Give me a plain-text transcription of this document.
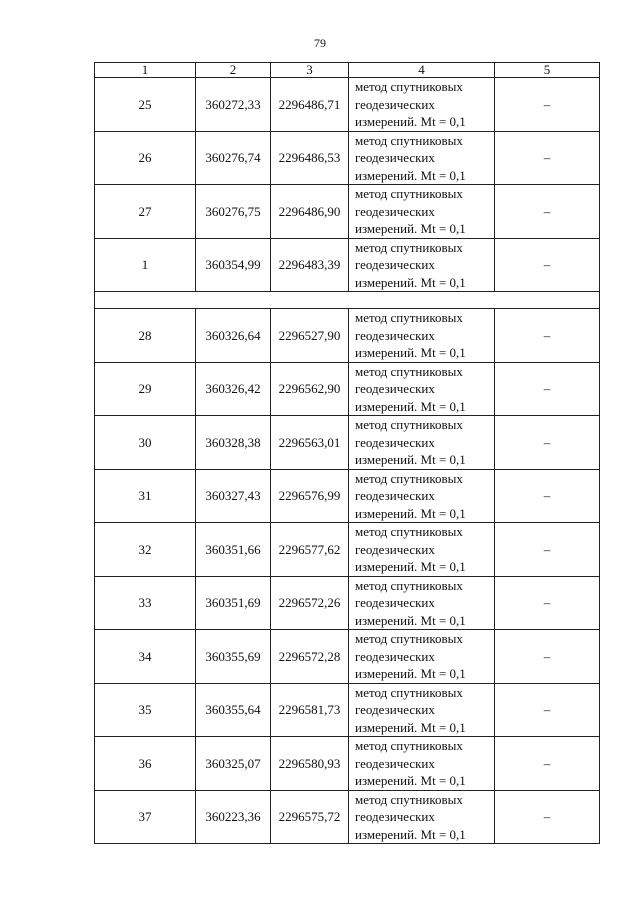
79
1	2	3	4	5
25	360272,33	2296486,71	метод спутниковых
геодезических
измерений. Mt = 0,1	–
26	360276,74	2296486,53	метод спутниковых
геодезических
измерений. Mt = 0,1	–
27	360276,75	2296486,90	метод спутниковых
геодезических
измерений. Mt = 0,1	–
1	360354,99	2296483,39	метод спутниковых
геодезических
измерений. Mt = 0,1	–

28	360326,64	2296527,90	метод спутниковых
геодезических
измерений. Mt = 0,1	–
29	360326,42	2296562,90	метод спутниковых
геодезических
измерений. Mt = 0,1	–
30	360328,38	2296563,01	метод спутниковых
геодезических
измерений. Mt = 0,1	–
31	360327,43	2296576,99	метод спутниковых
геодезических
измерений. Mt = 0,1	–
32	360351,66	2296577,62	метод спутниковых
геодезических
измерений. Mt = 0,1	–
33	360351,69	2296572,26	метод спутниковых
геодезических
измерений. Mt = 0,1	–
34	360355,69	2296572,28	метод спутниковых
геодезических
измерений. Mt = 0,1	–
35	360355,64	2296581,73	метод спутниковых
геодезических
измерений. Mt = 0,1	–
36	360325,07	2296580,93	метод спутниковых
геодезических
измерений. Mt = 0,1	–
37	360223,36	2296575,72	метод спутниковых
геодезических
измерений. Mt = 0,1	–
